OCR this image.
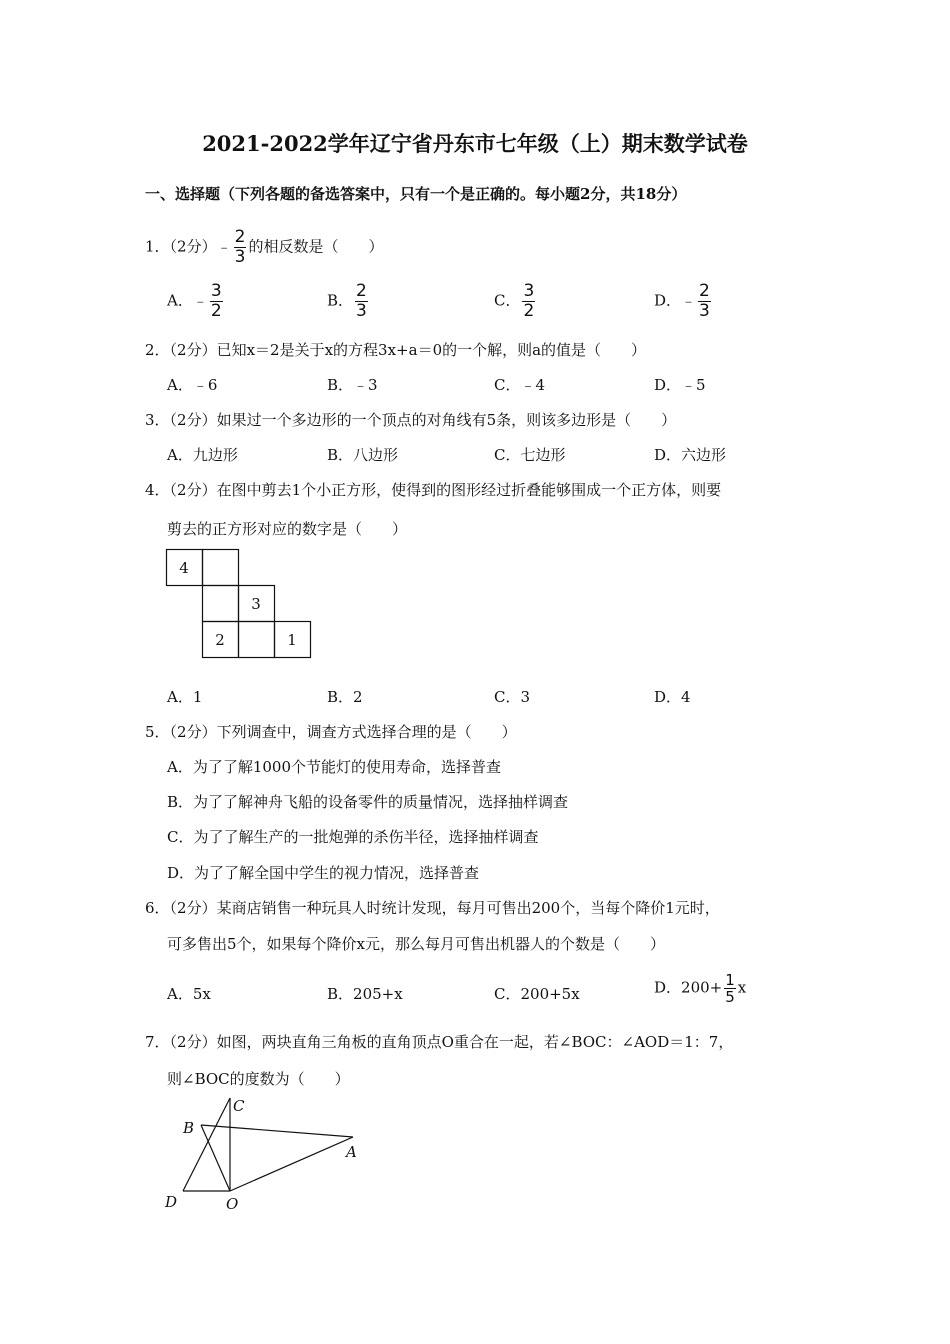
2021-2022学年辽宁省丹东市七年级（上）期末数学试卷
一、选择题（下列各题的备选答案中，只有一个是正确的。每小题2分，共18分）
1．（2分）﹣ $\frac{2}{3}$ 的相反数是（　　）
A．﹣ $\frac{3}{2}$	B． $\frac{2}{3}$	C． $\frac{3}{2}$	D．﹣ $\frac{2}{3}$
2．（2分）已知x＝2是关于x的方程3x+a＝0的一个解，则a的值是（　　）
A．﹣6	B．﹣3	C．﹣4	D．﹣5
3．（2分）如果过一个多边形的一个顶点的对角线有5条，则该多边形是（　　）
A．九边形	B．八边形	C．七边形	D．六边形
4．（2分）在图中剪去1个小正方形，使得到的图形经过折叠能够围成一个正方体，则要
剪去的正方形对应的数字是（　　）
4
3
2	1
A．1	B．2	C．3	D．4
5．（2分）下列调查中，调查方式选择合理的是（　　）
A．为了了解1000个节能灯的使用寿命，选择普查
B．为了了解神舟飞船的设备零件的质量情况，选择抽样调查
C．为了了解生产的一批炮弹的杀伤半径，选择抽样调查
D．为了了解全国中学生的视力情况，选择普查
6．（2分）某商店销售一种玩具人时统计发现，每月可售出200个，当每个降价1元时，
可多售出5个，如果每个降价x元，那么每月可售出机器人的个数是（　　）
A．5x	B．205+x	C．200+5x	D．$200+ \frac{1}{5}$ x
7．（2分）如图，两块直角三角板的直角顶点O重合在一起，若∠BOC：∠AOD＝1：7，
则∠BOC的度数为（　　）
C
B
A
D	O
